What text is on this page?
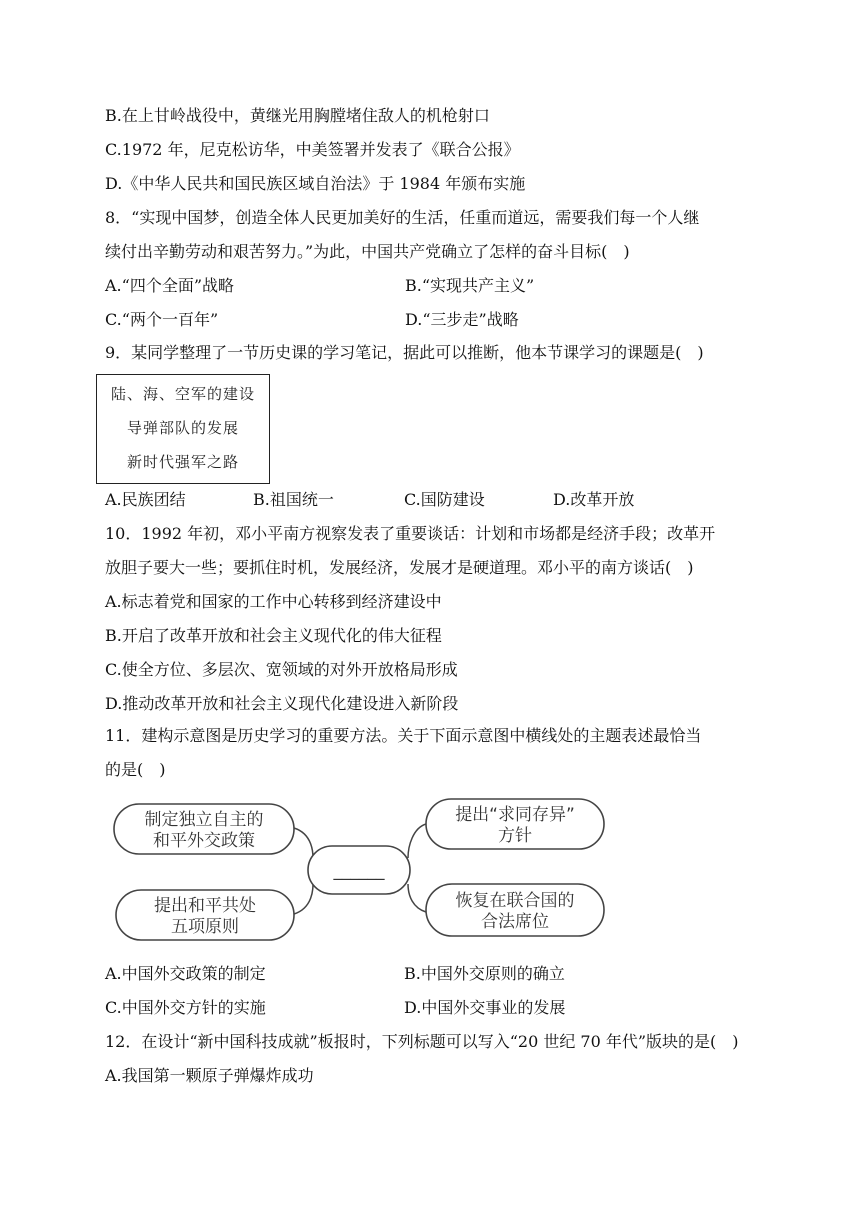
B.在上甘岭战役中，黄继光用胸膛堵住敌人的机枪射口
C.1972 年，尼克松访华，中美签署并发表了《联合公报》
D.《中华人民共和国民族区域自治法》于 1984 年颁布实施
8．“实现中国梦，创造全体人民更加美好的生活，任重而道远，需要我们每一个人继
续付出辛勤劳动和艰苦努力。”为此，中国共产党确立了怎样的奋斗目标(　)
A.“四个全面”战略	B.“实现共产主义”
C.“两个一百年”	D.“三步走”战略
9．某同学整理了一节历史课的学习笔记，据此可以推断，他本节课学习的课题是(　)
陆、海、空军的建设
导弹部队的发展
新时代强军之路
A.民族团结	B.祖国统一	C.国防建设	D.改革开放
10．1992 年初，邓小平南方视察发表了重要谈话：计划和市场都是经济手段；改革开
放胆子要大一些；要抓住时机，发展经济，发展才是硬道理。邓小平的南方谈话(　)
A.标志着党和国家的工作中心转移到经济建设中
B.开启了改革开放和社会主义现代化的伟大征程
C.使全方位、多层次、宽领域的对外开放格局形成
D.推动改革开放和社会主义现代化建设进入新阶段
11．建构示意图是历史学习的重要方法。关于下面示意图中横线处的主题表述最恰当
的是(　)
制定独立自主的
和平外交政策
提出和平共处
五项原则
提出“求同存异”
方针
恢复在联合国的
合法席位
______
A.中国外交政策的制定	B.中国外交原则的确立
C.中国外交方针的实施	D.中国外交事业的发展
12．在设计“新中国科技成就”板报时，下列标题可以写入“20 世纪 70 年代”版块的是(　)
A.我国第一颗原子弹爆炸成功
